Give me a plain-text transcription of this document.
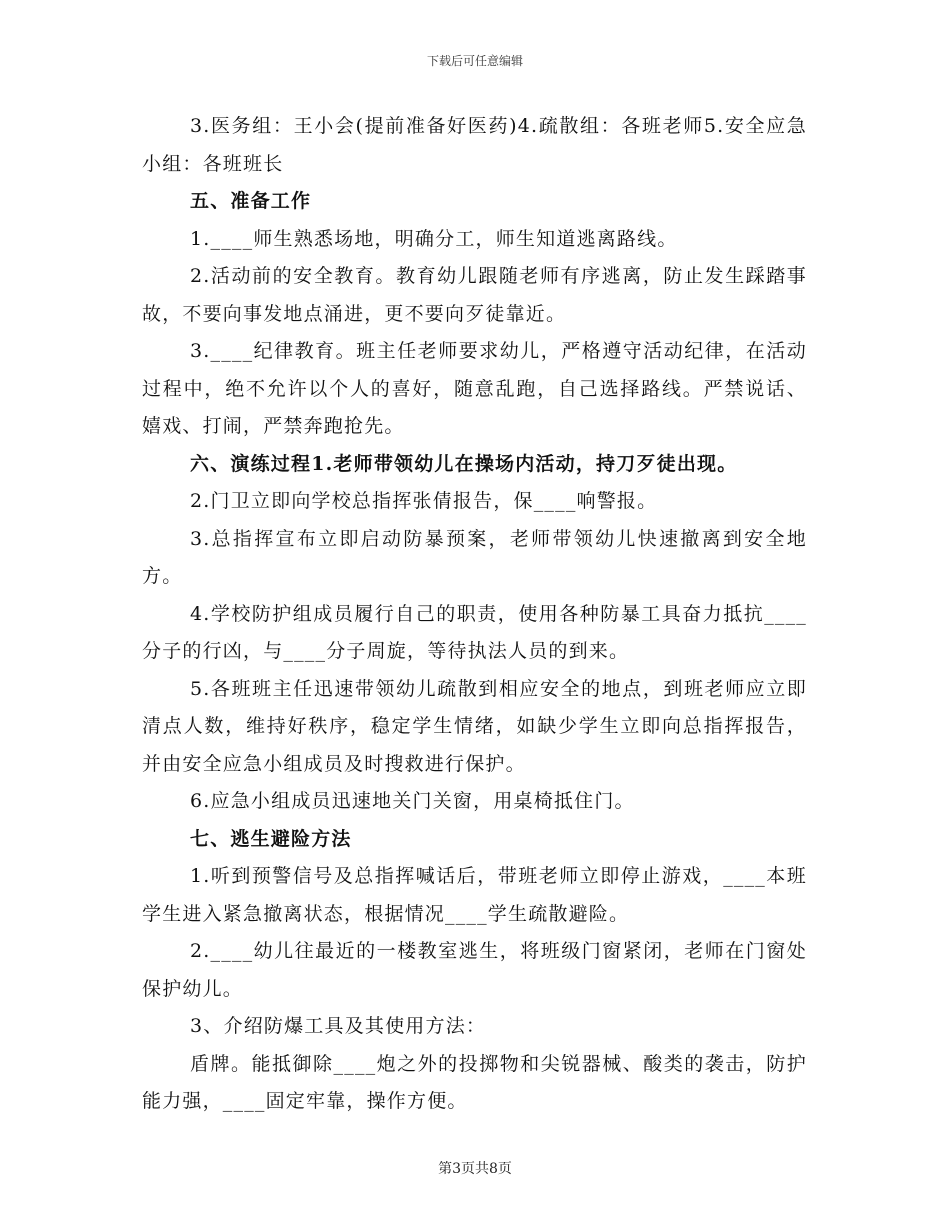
下载后可任意编辑

3.医务组：王小会(提前准备好医药)4.疏散组：各班老师5.安全应急小组：各班班长

五、准备工作

1.____师生熟悉场地，明确分工，师生知道逃离路线。

2.活动前的安全教育。教育幼儿跟随老师有序逃离，防止发生踩踏事故，不要向事发地点涌进，更不要向歹徒靠近。

3.____纪律教育。班主任老师要求幼儿，严格遵守活动纪律，在活动过程中，绝不允许以个人的喜好，随意乱跑，自己选择路线。严禁说话、嬉戏、打闹，严禁奔跑抢先。

六、演练过程1.老师带领幼儿在操场内活动，持刀歹徒出现。

2.门卫立即向学校总指挥张倩报告，保____响警报。

3.总指挥宣布立即启动防暴预案，老师带领幼儿快速撤离到安全地方。

4.学校防护组成员履行自己的职责，使用各种防暴工具奋力抵抗____分子的行凶，与____分子周旋，等待执法人员的到来。

5.各班班主任迅速带领幼儿疏散到相应安全的地点，到班老师应立即清点人数，维持好秩序，稳定学生情绪，如缺少学生立即向总指挥报告，并由安全应急小组成员及时搜救进行保护。

6.应急小组成员迅速地关门关窗，用桌椅抵住门。

七、逃生避险方法

1.听到预警信号及总指挥喊话后，带班老师立即停止游戏，____本班学生进入紧急撤离状态，根据情况____学生疏散避险。

2.____幼儿往最近的一楼教室逃生，将班级门窗紧闭，老师在门窗处保护幼儿。

3、介绍防爆工具及其使用方法：

盾牌。能抵御除____炮之外的投掷物和尖锐器械、酸类的袭击，防护能力强，____固定牢靠，操作方便。

第3页共8页
